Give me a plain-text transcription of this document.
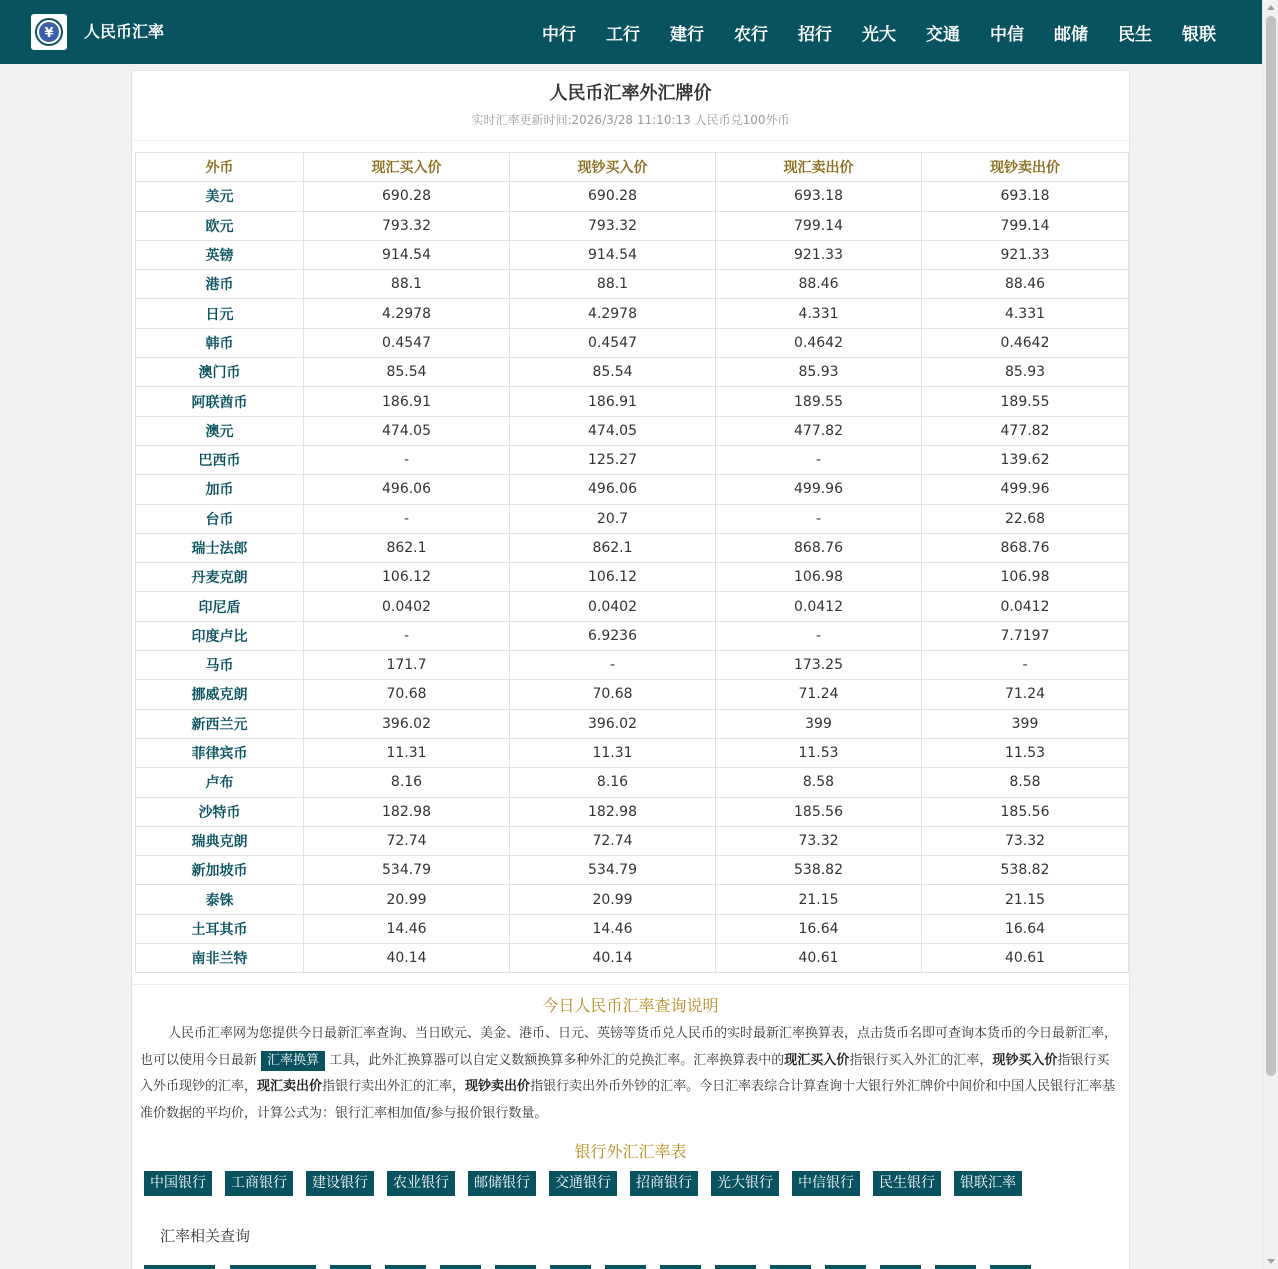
¥ 人民币汇率	中行	工行	建行	农行	招行	光大	交通	中信	邮储	民生	银联
人民币汇率外汇牌价
实时汇率更新时间:2026/3/28 11:10:13 人民币兑100外币
外币	现汇买入价	现钞买入价	现汇卖出价	现钞卖出价
美元	690.28	690.28	693.18	693.18
欧元	793.32	793.32	799.14	799.14
英镑	914.54	914.54	921.33	921.33
港币	88.1	88.1	88.46	88.46
日元	4.2978	4.2978	4.331	4.331
韩币	0.4547	0.4547	0.4642	0.4642
澳门币	85.54	85.54	85.93	85.93
阿联酋币	186.91	186.91	189.55	189.55
澳元	474.05	474.05	477.82	477.82
巴西币	-	125.27	-	139.62
加币	496.06	496.06	499.96	499.96
台币	-	20.7	-	22.68
瑞士法郎	862.1	862.1	868.76	868.76
丹麦克朗	106.12	106.12	106.98	106.98
印尼盾	0.0402	0.0402	0.0412	0.0412
印度卢比	-	6.9236	-	7.7197
马币	171.7	-	173.25	-
挪威克朗	70.68	70.68	71.24	71.24
新西兰元	396.02	396.02	399	399
菲律宾币	11.31	11.31	11.53	11.53
卢布	8.16	8.16	8.58	8.58
沙特币	182.98	182.98	185.56	185.56
瑞典克朗	72.74	72.74	73.32	73.32
新加坡币	534.79	534.79	538.82	538.82
泰铢	20.99	20.99	21.15	21.15
土耳其币	14.46	14.46	16.64	16.64
南非兰特	40.14	40.14	40.61	40.61
今日人民币汇率查询说明
人民币汇率网为您提供今日最新汇率查询、当日欧元、美金、港币、日元、英镑等货币兑人民币的实时最新汇率换算表，点击货币名即可查询本货币的今日最新汇率，也可以使用今日最新 汇率换算 工具，此外汇换算器可以自定义数额换算多种外汇的兑换汇率。汇率换算表中的现汇买入价指银行买入外汇的汇率，现钞买入价指银行买入外币现钞的汇率，现汇卖出价指银行卖出外汇的汇率，现钞卖出价指银行卖出外币外钞的汇率。今日汇率表综合计算查询十大银行外汇牌价中间价和中国人民银行汇率基准价数据的平均价，计算公式为：银行汇率相加值/参与报价银行数量。
银行外汇汇率表
中国银行	工商银行	建设银行	农业银行	邮储银行	交通银行	招商银行	光大银行	中信银行	民生银行	银联汇率
汇率相关查询
